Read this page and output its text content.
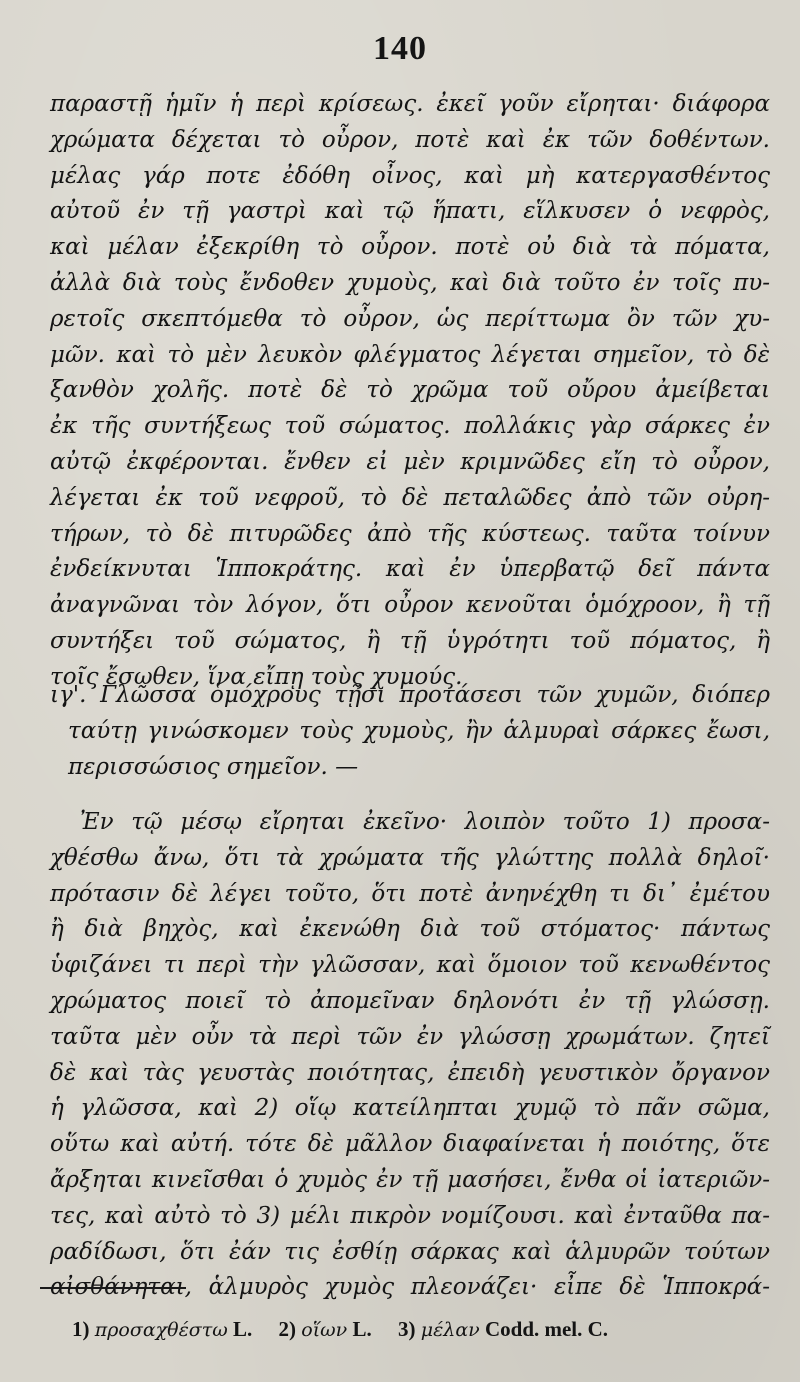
140
παραστῇ ἡμῖν ἡ περὶ κρίσεως. ἐκεῖ γοῦν εἴρηται· διάφορα
χρώματα δέχεται τὸ οὖρον, ποτὲ καὶ ἐκ τῶν δοθέντων.
μέλας γάρ ποτε ἐδόθη οἶνος, καὶ μὴ κατεργασθέντος
αὐτοῦ ἐν τῇ γαστρὶ καὶ τῷ ἥπατι, εἵλκυσεν ὁ νεφρὸς,
καὶ μέλαν ἐξεκρίθη τὸ οὖρον. ποτὲ οὐ διὰ τὰ πόματα,
ἀλλὰ διὰ τοὺς ἔνδοθεν χυμοὺς, καὶ διὰ τοῦτο ἐν τοῖς πυ-
ρετοῖς σκεπτόμεθα τὸ οὖρον, ὡς περίττωμα ὂν τῶν χυ-
μῶν. καὶ τὸ μὲν λευκὸν φλέγματος λέγεται σημεῖον, τὸ δὲ
ξανθὸν χολῆς. ποτὲ δὲ τὸ χρῶμα τοῦ οὔρου ἀμείβεται
ἐκ τῆς συντήξεως τοῦ σώματος. πολλάκις γὰρ σάρκες ἐν
αὐτῷ ἐκφέρονται. ἔνθεν εἰ μὲν κριμνῶδες εἴη τὸ οὖρον,
λέγεται ἐκ τοῦ νεφροῦ, τὸ δὲ πεταλῶδες ἀπὸ τῶν οὐρη-
τήρων, τὸ δὲ πιτυρῶδες ἀπὸ τῆς κύστεως. ταῦτα τοίνυν
ἐνδείκνυται Ἱπποκράτης. καὶ ἐν ὑπερβατῷ δεῖ πάντα
ἀναγνῶναι τὸν λόγον, ὅτι οὖρον κενοῦται ὁμόχροον, ἢ τῇ
συντήξει τοῦ σώματος, ἢ τῇ ὑγρότητι τοῦ πόματος, ἢ
τοῖς ἔσωθεν, ἵνα εἴπῃ τοὺς χυμούς.
ιγ'. Γλῶσσα ὁμόχρους τῇσι προτάσεσι τῶν χυμῶν, διόπερ
ταύτῃ γινώσκομεν τοὺς χυμοὺς, ἢν ἁλμυραὶ σάρκες ἔωσι,
περισσώσιος σημεῖον. —
Ἐν τῷ μέσῳ εἴρηται ἐκεῖνο· λοιπὸν τοῦτο 1) προσα-
χθέσθω ἄνω, ὅτι τὰ χρώματα τῆς γλώττης πολλὰ δηλοῖ·
πρότασιν δὲ λέγει τοῦτο, ὅτι ποτὲ ἀνηνέχθη τι δι᾽ ἐμέτου
ἢ διὰ βηχὸς, καὶ ἐκενώθη διὰ τοῦ στόματος· πάντως
ὑφιζάνει τι περὶ τὴν γλῶσσαν, καὶ ὅμοιον τοῦ κενωθέντος
χρώματος ποιεῖ τὸ ἀπομεῖναν δηλονότι ἐν τῇ γλώσσῃ.
ταῦτα μὲν οὖν τὰ περὶ τῶν ἐν γλώσσῃ χρωμάτων. ζητεῖ
δὲ καὶ τὰς γευστὰς ποιότητας, ἐπειδὴ γευστικὸν ὄργανον
ἡ γλῶσσα, καὶ 2) οἵῳ κατείληπται χυμῷ τὸ πᾶν σῶμα,
οὕτω καὶ αὐτή. τότε δὲ μᾶλλον διαφαίνεται ἡ ποιότης, ὅτε
ἄρξηται κινεῖσθαι ὁ χυμὸς ἐν τῇ μασήσει, ἔνθα οἱ ἰατεριῶν-
τες, καὶ αὐτὸ τὸ 3) μέλι πικρὸν νομίζουσι. καὶ ἐνταῦθα πα-
ραδίδωσι, ὅτι ἐάν τις ἐσθίῃ σάρκας καὶ ἁλμυρῶν τούτων
αἰσθάνηται, ἁλμυρὸς χυμὸς πλεονάζει· εἶπε δὲ Ἱπποκρά-
1) προσαχθέστω L. 2) οἵων L. 3) μέλαν Codd. mel. C.
